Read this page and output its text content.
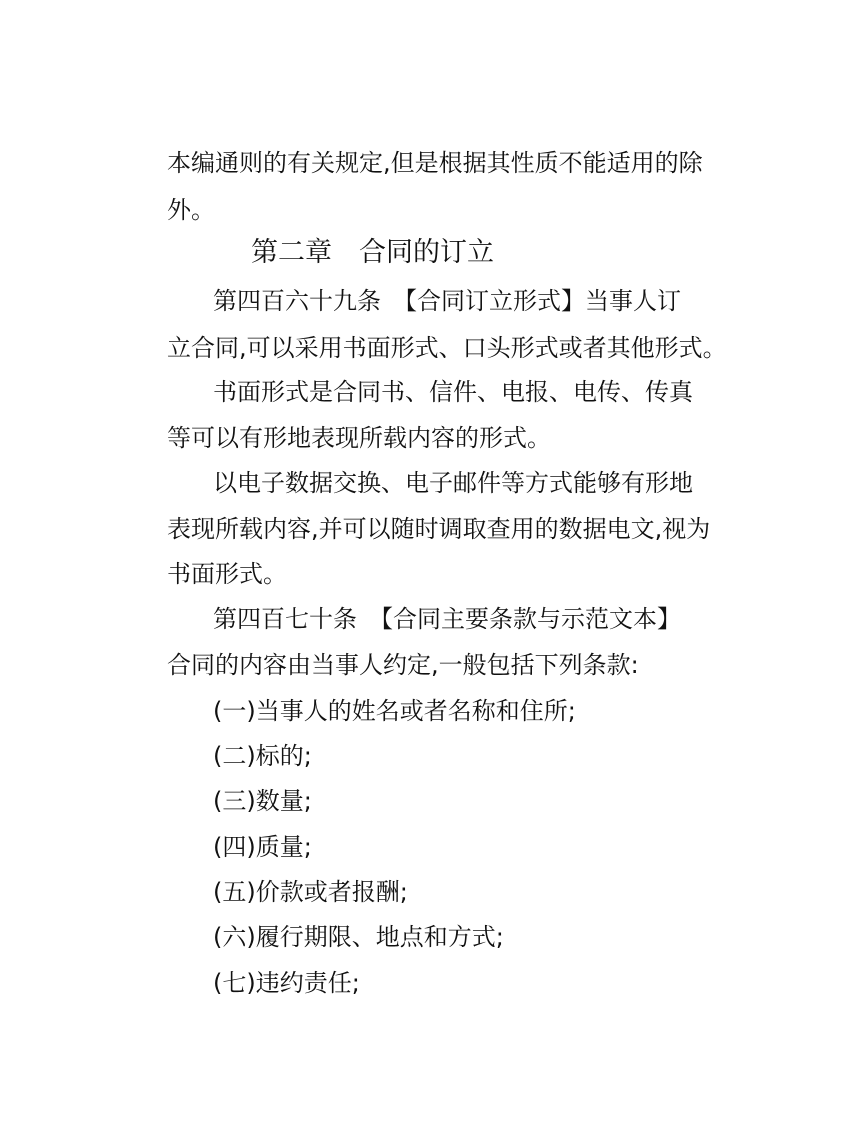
本编通则的有关规定,但是根据其性质不能适用的除
外。
第二章　合同的订立
第四百六十九条　【合同订立形式】当事人订
立合同,可以采用书面形式、口头形式或者其他形式。
书面形式是合同书、信件、电报、电传、传真
等可以有形地表现所载内容的形式。
以电子数据交换、电子邮件等方式能够有形地
表现所载内容,并可以随时调取查用的数据电文,视为
书面形式。
第四百七十条　【合同主要条款与示范文本】
合同的内容由当事人约定,一般包括下列条款:
(一)当事人的姓名或者名称和住所;
(二)标的;
(三)数量;
(四)质量;
(五)价款或者报酬;
(六)履行期限、地点和方式;
(七)违约责任;
